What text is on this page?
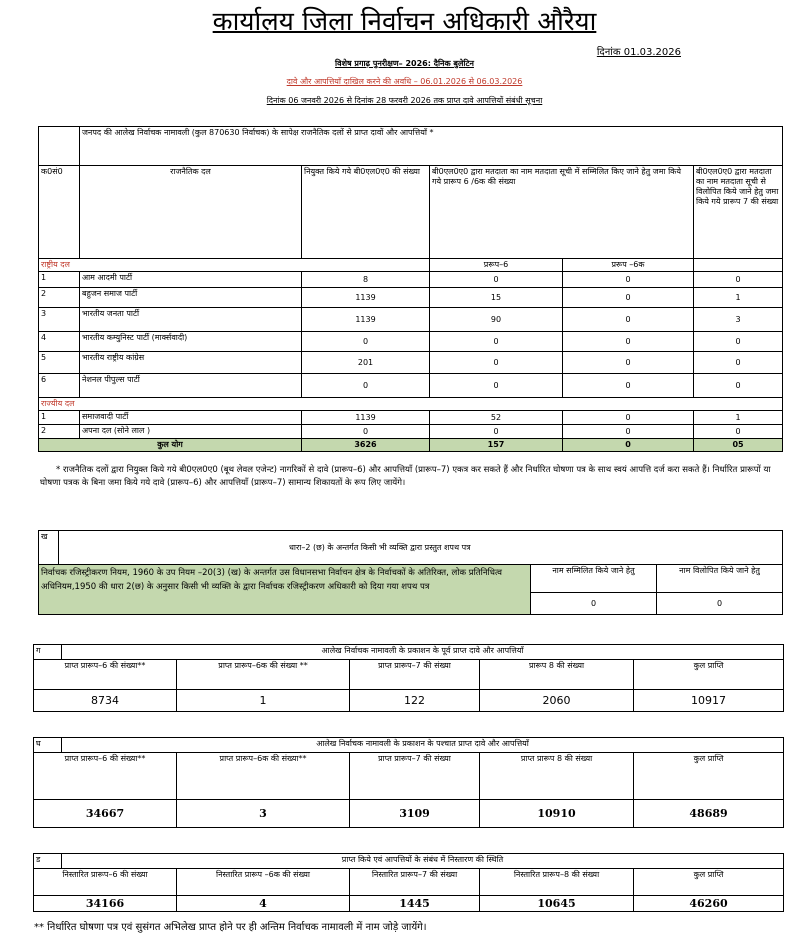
कार्यालय जिला निर्वाचन अधिकारी औरैया
दिनांक 01.03.2026
विशेष प्रगाढ़ पुनरीक्षण– 2026: दैनिक बुलेटिन
दावे और आपत्तियाँ दाखिल करने की अवधि – 06.01.2026 से 06.03.2026
दिनांक 06 जनवरी 2026 से दिनांक 28 फरवरी 2026 तक प्राप्त दावे आपत्तियों संबंधी सूचना
	जनपद की आलेख निर्वाचक नामावली (कुल 870630 निर्वाचक) के सापेक्ष राजनैतिक दलों से प्राप्त दावों और आपत्तियाँ *				
क0सं0	राजनैतिक दल	नियुक्त किये गये बी0एल0ए0 की संख्या	बी0एल0ए0 द्वारा मतदाता का नाम मतदाता सूची में सम्मिलित किए जाने हेतु जमा किये गये प्रारूप 6 /6क की संख्या		बी0एल0ए0 द्वारा मतदाता का नाम मतदाता सूची से विलोपित किये जाने हेतु जमा किये गये प्रारूप 7 की संख्या
राष्ट्रीय दल			प्ररूप–6	प्ररूप –6क	
1	आम आदमी पार्टी	8	0	0	0
2	बहुजन समाज पार्टी	1139	15	0	1
3	भारतीय जनता पार्टी	1139	90	0	3
4	भारतीय कम्युनिस्ट पार्टी (मार्क्सवादी)	0	0	0	0
5	भारतीय राष्ट्रीय कांग्रेस	201	0	0	0
6	नेशनल पीपुल्स पार्टी	0	0	0	0
राज्यीय दल					
1	समाजवादी पार्टी	1139	52	0	1
2	अपना दल (सोने लाल )	0	0	0	0
कुल योग		3626	157	0	05
* राजनैतिक दलों द्वारा नियुक्त किये गये बी0एल0ए0 (बूथ लेवल एजेन्ट) नागरिकों से दावे (प्रारूप–6) और आपत्तियाँ (प्रारूप–7) एकत्र कर सकते हैं और निर्धारित घोषणा पत्र के साथ स्वयं आपत्ति दर्ज करा सकते हैं। निर्धारित प्रारूपों या घोषणा पत्रक के बिना जमा किये गये दावे (प्रारूप–6) और आपत्तियाँ (प्रारूप–7) सामान्य शिकायतों के रूप लिए जायेंगे।
ख	धारा–2 (छ) के अन्तर्गत किसी भी व्यक्ति द्वारा प्रस्तुत शपथ पत्र		
निर्वाचक रजिस्ट्रीकरण नियम, 1960 के उप नियम –20(3) (ख) के अन्तर्गत उस विधानसभा निर्वाचन क्षेत्र के निर्वाचकों के अतिरिक्त, लोक प्रतिनिधित्व अधिनियम,1950 की धारा 2(छ) के अनुसार किसी भी व्यक्ति के द्वारा निर्वाचक रजिस्ट्रीकरण अधिकारी को दिया गया शपथ पत्र		नाम सम्मिलित किये जाने हेतु	नाम विलोपित किये जाने हेतु
		0	0
ग	आलेख निर्वाचक नामावली के प्रकाशन के पूर्व प्राप्त दावे और आपत्तियाँ				
प्राप्त प्रारूप–6 की संख्या**		प्राप्त प्रारूप–6क की संख्या **	प्राप्त प्रारूप–7 की संख्या	प्रारूप 8 की संख्या	कुल प्राप्ति
8734		1	122	2060	10917
घ	आलेख निर्वाचक नामावली के प्रकाशन के पश्चात प्राप्त दावे और आपत्तियाँ				
प्राप्त प्रारूप–6 की संख्या**		प्राप्त प्रारूप–6क की संख्या**	प्राप्त प्रारूप–7 की संख्या	प्राप्त प्रारूप 8 की संख्या	कुल प्राप्ति
34667		3	3109	10910	48689
ड	प्राप्त किये एवं आपत्तियों के संबंध में निस्तारण की स्थिति				
निस्तारित प्रारूप–6 की संख्या		निस्तारित प्रारूप –6क की संख्या	निस्तारित प्रारूप–7 की संख्या	निस्तारित प्रारूप–8 की संख्या	कुल प्राप्ति
34166		4	1445	10645	46260
** निर्धारित घोषणा पत्र एवं सुसंगत अभिलेख प्राप्त होने पर ही अन्तिम निर्वाचक नामावली में नाम जोड़े जायेंगे।
